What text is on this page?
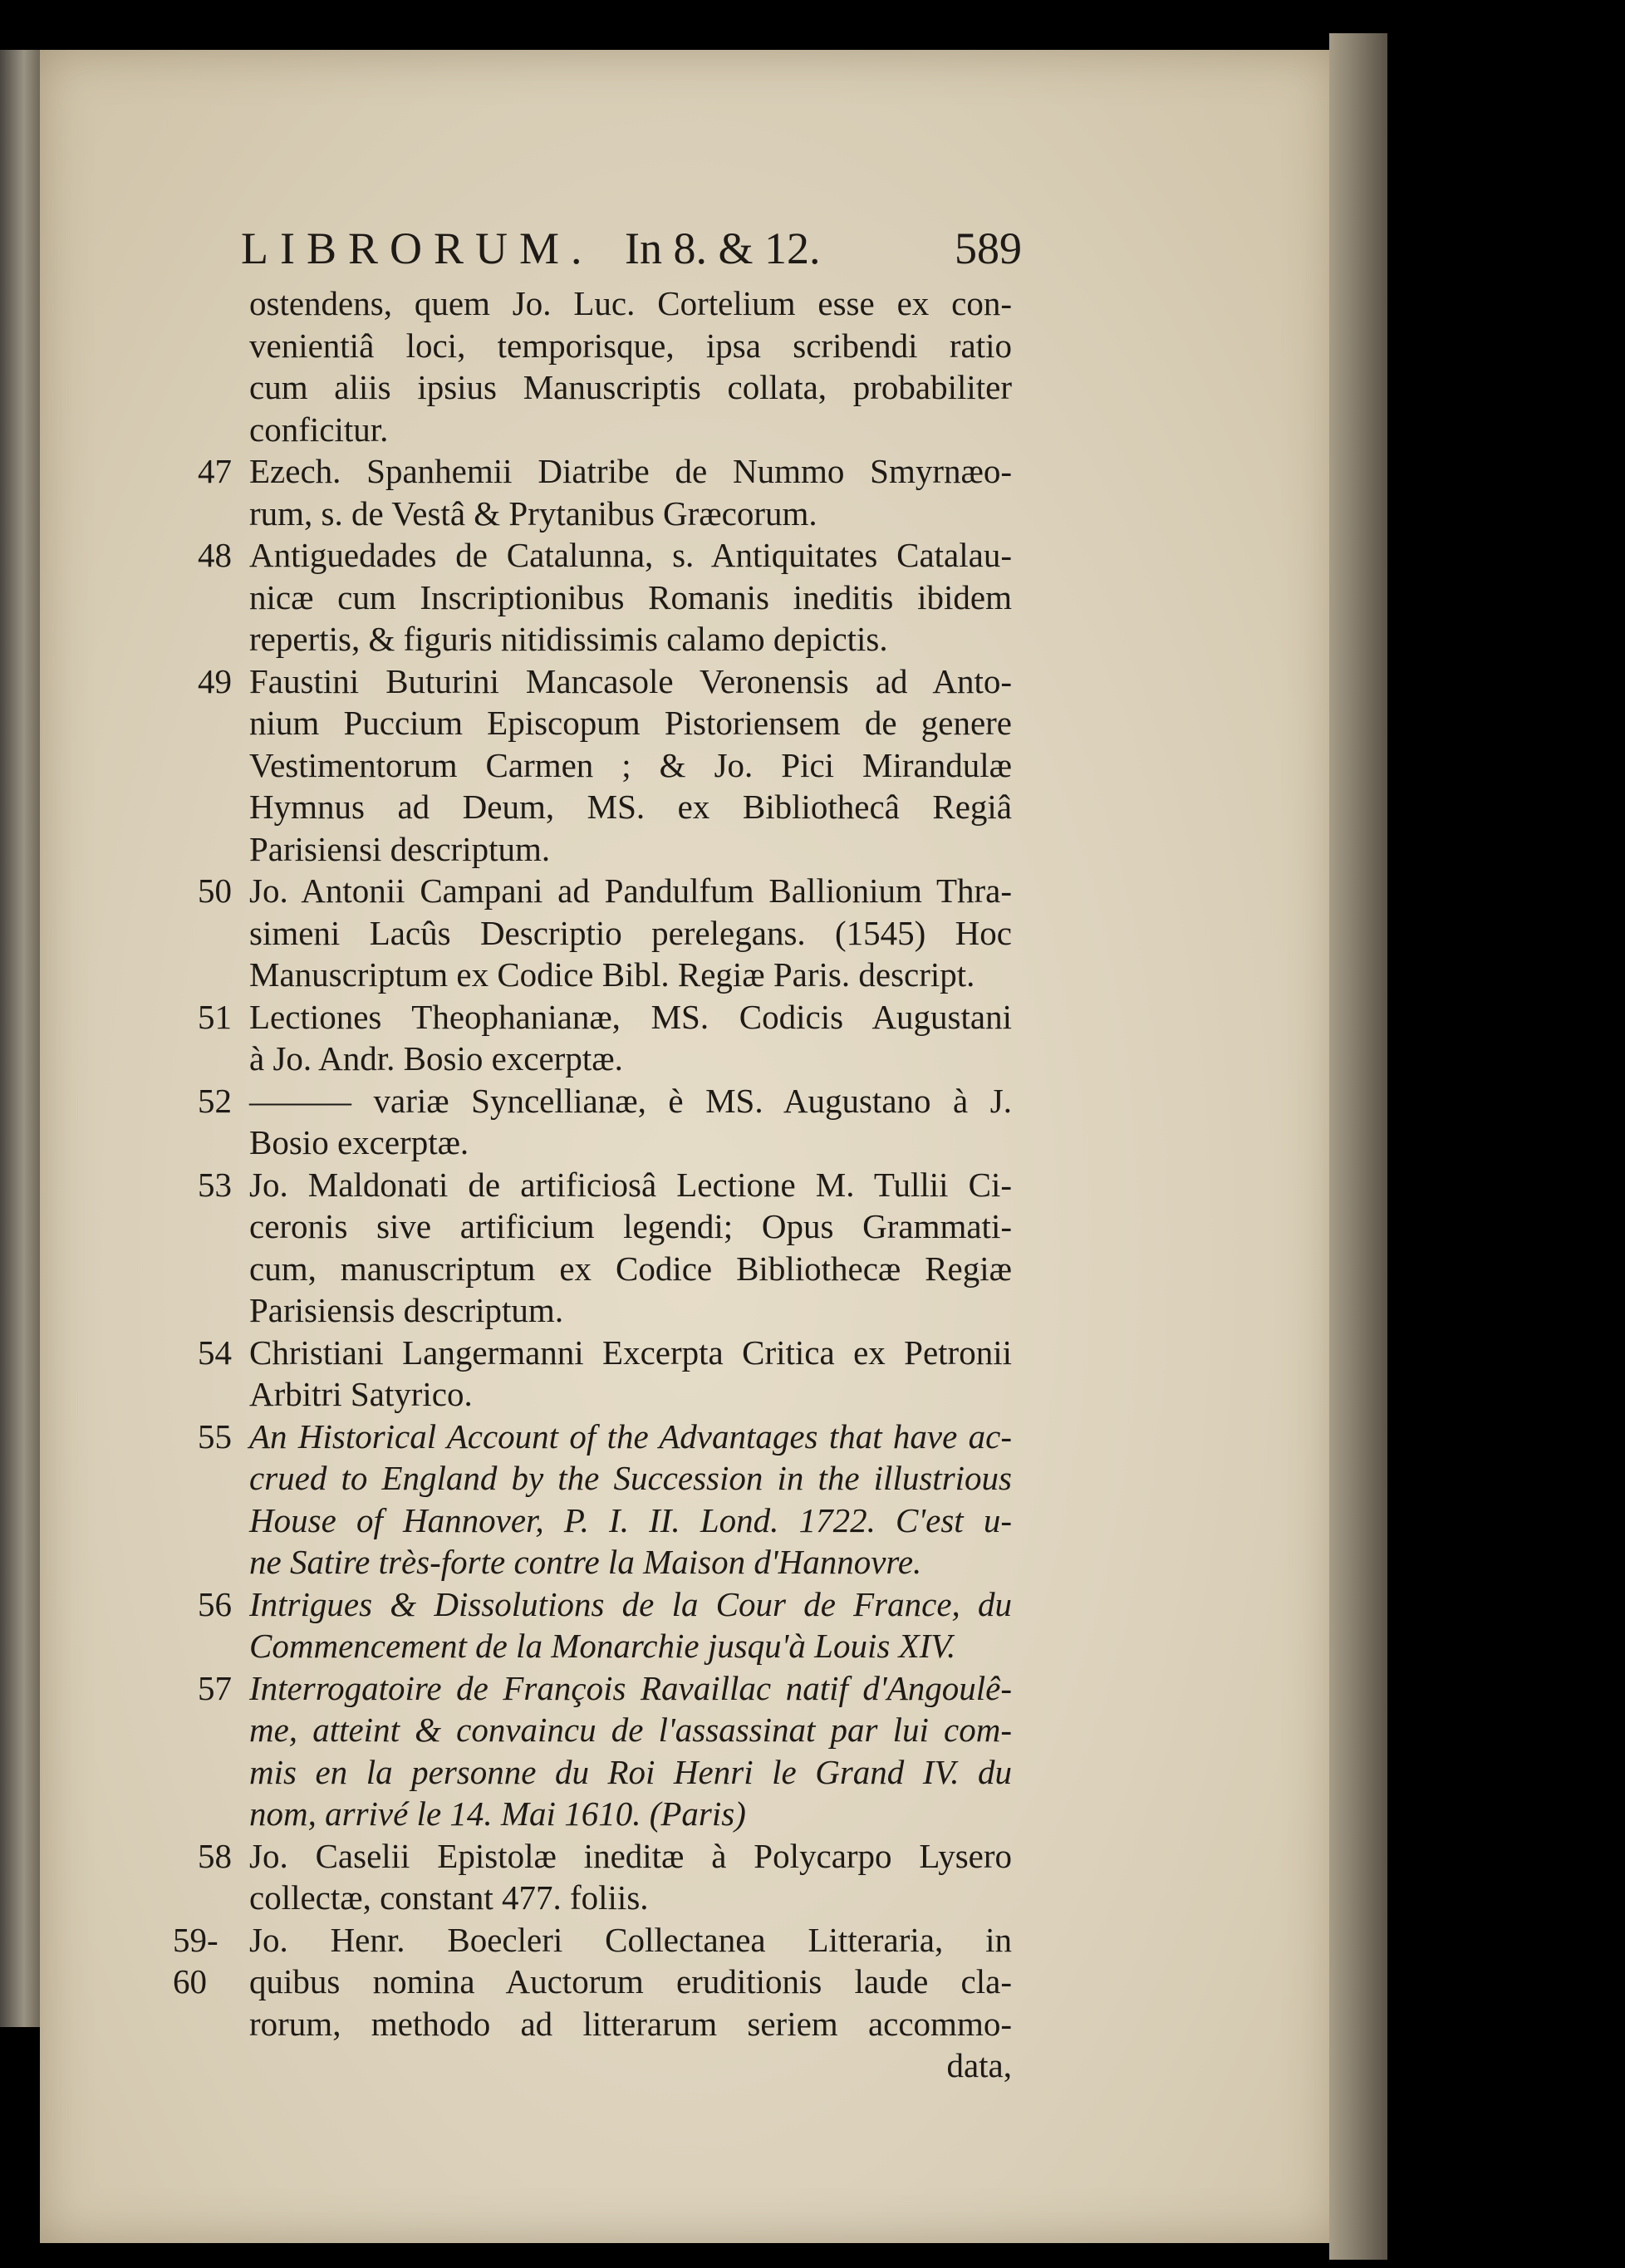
LIBRORUM. In 8. & 12.	589
ostendens, quem Jo. Luc. Cortelium esse ex con-
venientiâ loci, temporisque, ipsa scribendi ratio
cum aliis ipsius Manuscriptis collata, probabiliter
conficitur.
47 Ezech. Spanhemii Diatribe de Nummo Smyrnæo-
rum, s. de Vestâ & Prytanibus Græcorum.
48 Antiguedades de Catalunna, s. Antiquitates Catalau-
nicæ cum Inscriptionibus Romanis ineditis ibidem
repertis, & figuris nitidissimis calamo depictis.
49 Faustini Buturini Mancasole Veronensis ad Anto-
nium Puccium Episcopum Pistoriensem de genere
Vestimentorum Carmen ; & Jo. Pici Mirandulæ
Hymnus ad Deum, MS. ex Bibliothecâ Regiâ
Parisiensi descriptum.
50 Jo. Antonii Campani ad Pandulfum Ballionium Thra-
simeni Lacûs Descriptio perelegans. (1545) Hoc
Manuscriptum ex Codice Bibl. Regiæ Paris. descript.
51 Lectiones Theophanianæ, MS. Codicis Augustani
à Jo. Andr. Bosio excerptæ.
52 ——— variæ Syncellianæ, è MS. Augustano à J.
Bosio excerptæ.
53 Jo. Maldonati de artificiosâ Lectione M. Tullii Ci-
ceronis sive artificium legendi; Opus Grammati-
cum, manuscriptum ex Codice Bibliothecæ Regiæ
Parisiensis descriptum.
54 Christiani Langermanni Excerpta Critica ex Petronii
Arbitri Satyrico.
55 An Historical Account of the Advantages that have ac-
crued to England by the Succession in the illustrious
House of Hannover, P. I. II. Lond. 1722. C'est u-
ne Satire très-forte contre la Maison d'Hannovre.
56 Intrigues & Dissolutions de la Cour de France, du
Commencement de la Monarchie jusqu'à Louis XIV.
57 Interrogatoire de François Ravaillac natif d'Angoulê-
me, atteint & convaincu de l'assassinat par lui com-
mis en la personne du Roi Henri le Grand IV. du
nom, arrivé le 14. Mai 1610. (Paris)
58 Jo. Caselii Epistolæ ineditæ à Polycarpo Lysero
collectæ, constant 477. foliis.
59-60
Jo. Henr. Boecleri Collectanea Litteraria, in
quibus nomina Auctorum eruditionis laude cla-
rorum, methodo ad litterarum seriem accommo-
data,
